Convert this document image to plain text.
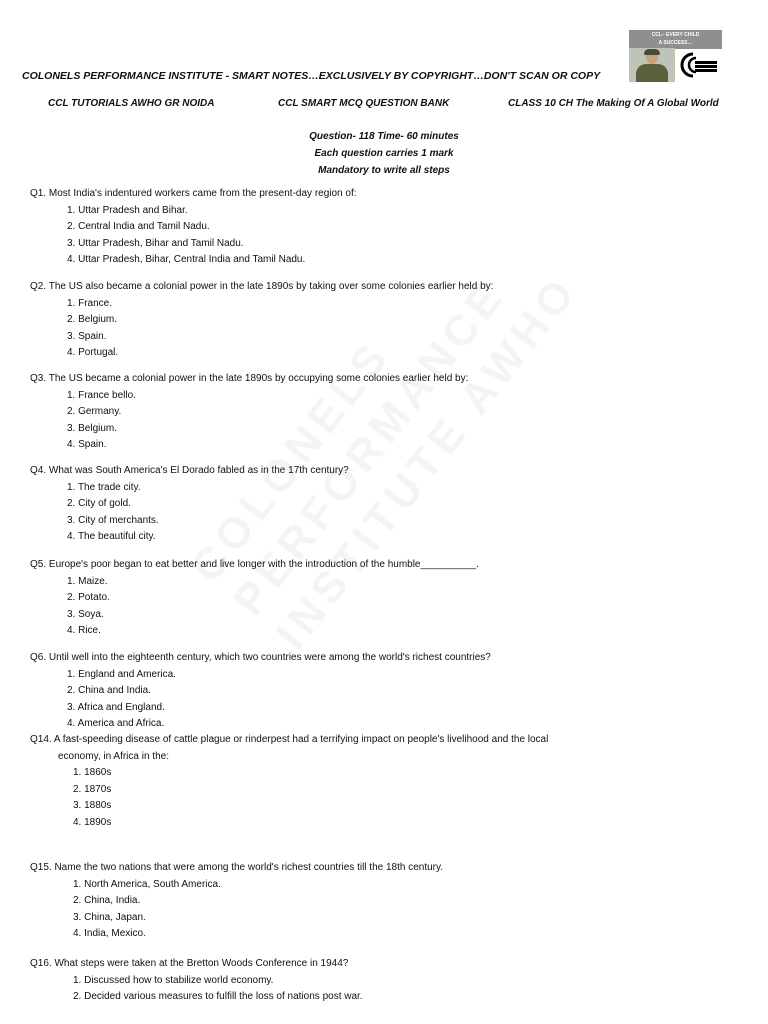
CCL– EVERY CHILD
A SUCCESS…
COLONELS PERFORMANCE INSTITUTE - SMART NOTES…EXCLUSIVELY BY COPYRIGHT…DON'T SCAN OR COPY
CCL TUTORIALS AWHO GR NOIDA	CCL SMART MCQ QUESTION BANK	CLASS 10 CH The Making Of A Global World
Question- 118 Time- 60 minutes
Each question carries 1 mark
Mandatory to write all steps
Q1. Most India's indentured workers came from the present-day region of:
1. Uttar Pradesh and Bihar.
2. Central India and Tamil Nadu.
3. Uttar Pradesh, Bihar and Tamil Nadu.
4. Uttar Pradesh, Bihar, Central India and Tamil Nadu.
Q2. The US also became a colonial power in the late 1890s by taking over some colonies earlier held by:
1. France.
2. Belgium.
3. Spain.
4. Portugal.
Q3. The US became a colonial power in the late 1890s by occupying some colonies earlier held by:
1. France bello.
2. Germany.
3. Belgium.
4. Spain.
Q4. What was South America's El Dorado fabled as in the 17th century?
1. The trade city.
2. City of gold.
3. City of merchants.
4. The beautiful city.
Q5. Europe's poor began to eat better and live longer with the introduction of the humble__________.
1. Maize.
2. Potato.
3. Soya.
4. Rice.
Q6. Until well into the eighteenth century, which two countries were among the world's richest countries?
1. England and America.
2. China and India.
3. Africa and England.
4. America and Africa.
Q14. A fast-speeding disease of cattle plague or rinderpest had a terrifying impact on people's livelihood and the local
economy, in Africa in the:
1. 1860s
2. 1870s
3. 1880s
4. 1890s
Q15. Name the two nations that were among the world's richest countries till the 18th century.
1. North America, South America.
2. China, India.
3. China, Japan.
4. India, Mexico.
Q16. What steps were taken at the Bretton Woods Conference in 1944?
1. Discussed how to stabilize world economy.
2. Decided various measures to fulfill the loss of nations post war.
